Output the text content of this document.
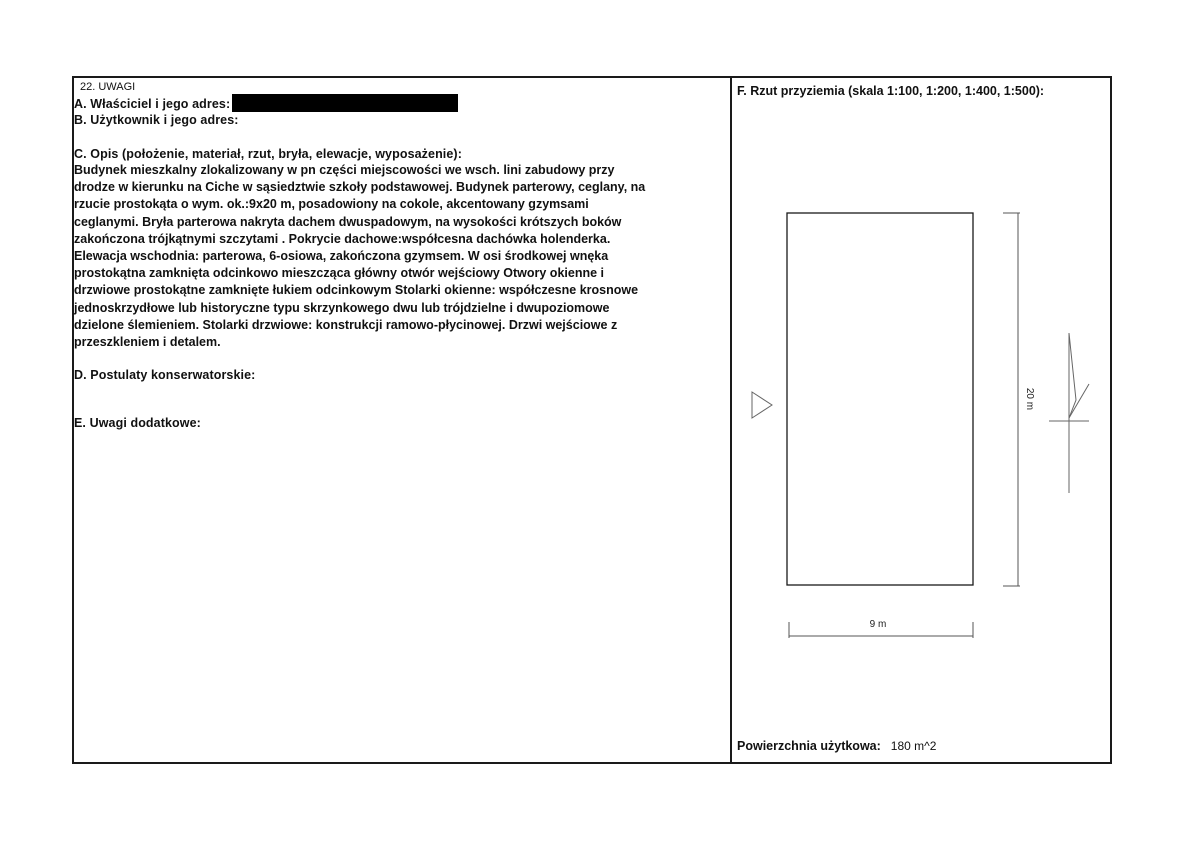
22. UWAGI
A. Właściciel i jego adres:
B. Użytkownik i jego adres:
C. Opis (położenie, materiał, rzut, bryła, elewacje, wyposażenie):
Budynek mieszkalny zlokalizowany w pn części miejscowości we wsch. lini zabudowy przy
drodze w kierunku na Ciche w sąsiedztwie szkoły podstawowej. Budynek parterowy, ceglany, na
rzucie prostokąta o wym. ok.:9x20 m, posadowiony na cokole, akcentowany gzymsami
ceglanymi. Bryła parterowa nakryta dachem dwuspadowym, na wysokości krótszych boków
zakończona trójkątnymi szczytami . Pokrycie dachowe:współcesna dachówka holenderka.
Elewacja wschodnia: parterowa, 6-osiowa, zakończona gzymsem. W osi środkowej wnęka
prostokątna zamknięta odcinkowo mieszcząca główny otwór wejściowy Otwory okienne i
drzwiowe prostokątne zamknięte łukiem odcinkowym Stolarki okienne: współczesne krosnowe
jednoskrzydłowe lub historyczne typu skrzynkowego dwu lub trójdzielne i dwupoziomowe
dzielone ślemieniem. Stolarki drzwiowe: konstrukcji ramowo-płycinowej. Drzwi wejściowe z
przeszkleniem i detalem.
D. Postulaty konserwatorskie:
E. Uwagi dodatkowe:
F. Rzut przyziemia (skala 1:100, 1:200, 1:400, 1:500):
20 m
9 m
Powierzchnia użytkowa: 180 m^2
